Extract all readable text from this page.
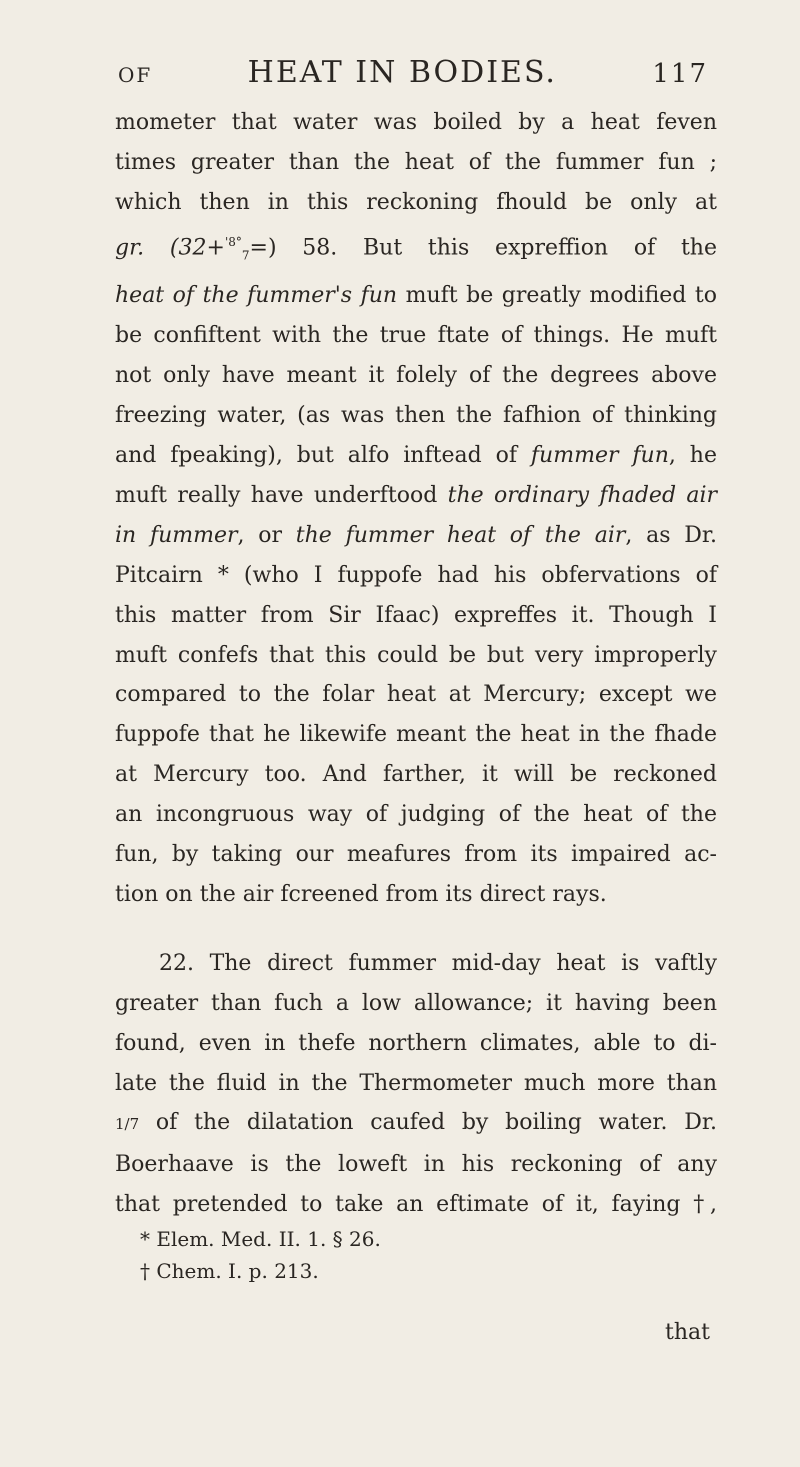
OF	HEAT IN BODIES.	117

mometer that water was boiled by a heat feven

times greater than the heat of the fummer fun ;

which then in this reckoning fhould be only at

gr. (32+$^{'8^\circ}_7$=) 58. But this expreffion of the

heat of the fummer's fun muft be greatly modified to

be confiftent with the true ftate of things. He muft

not only have meant it folely of the degrees above

freezing water, (as was then the fafhion of thinking

and fpeaking), but alfo inftead of fummer fun, he

muft really have underftood the ordinary fhaded air

in fummer, or the fummer heat of the air, as Dr.

Pitcairn * (who I fuppofe had his obfervations of

this matter from Sir Ifaac) expreffes it. Though I

muft confefs that this could be but very improperly

compared to the folar heat at Mercury; except we

fuppofe that he likewife meant the heat in the fhade

at Mercury too. And farther, it will be reckoned

an incongruous way of judging of the heat of the

fun, by taking our meafures from its impaired ac-

tion on the air fcreened from its direct rays.

22. The direct fummer mid-day heat is vaftly

greater than fuch a low allowance; it having been

found, even in thefe northern climates, able to di-

late the fluid in the Thermometer much more than

1/7 of the dilatation caufed by boiling water. Dr.

Boerhaave is the loweft in his reckoning of any

that pretended to take an eftimate of it, faying †,

* Elem. Med. II. 1. § 26.

† Chem. I. p. 213.

that
